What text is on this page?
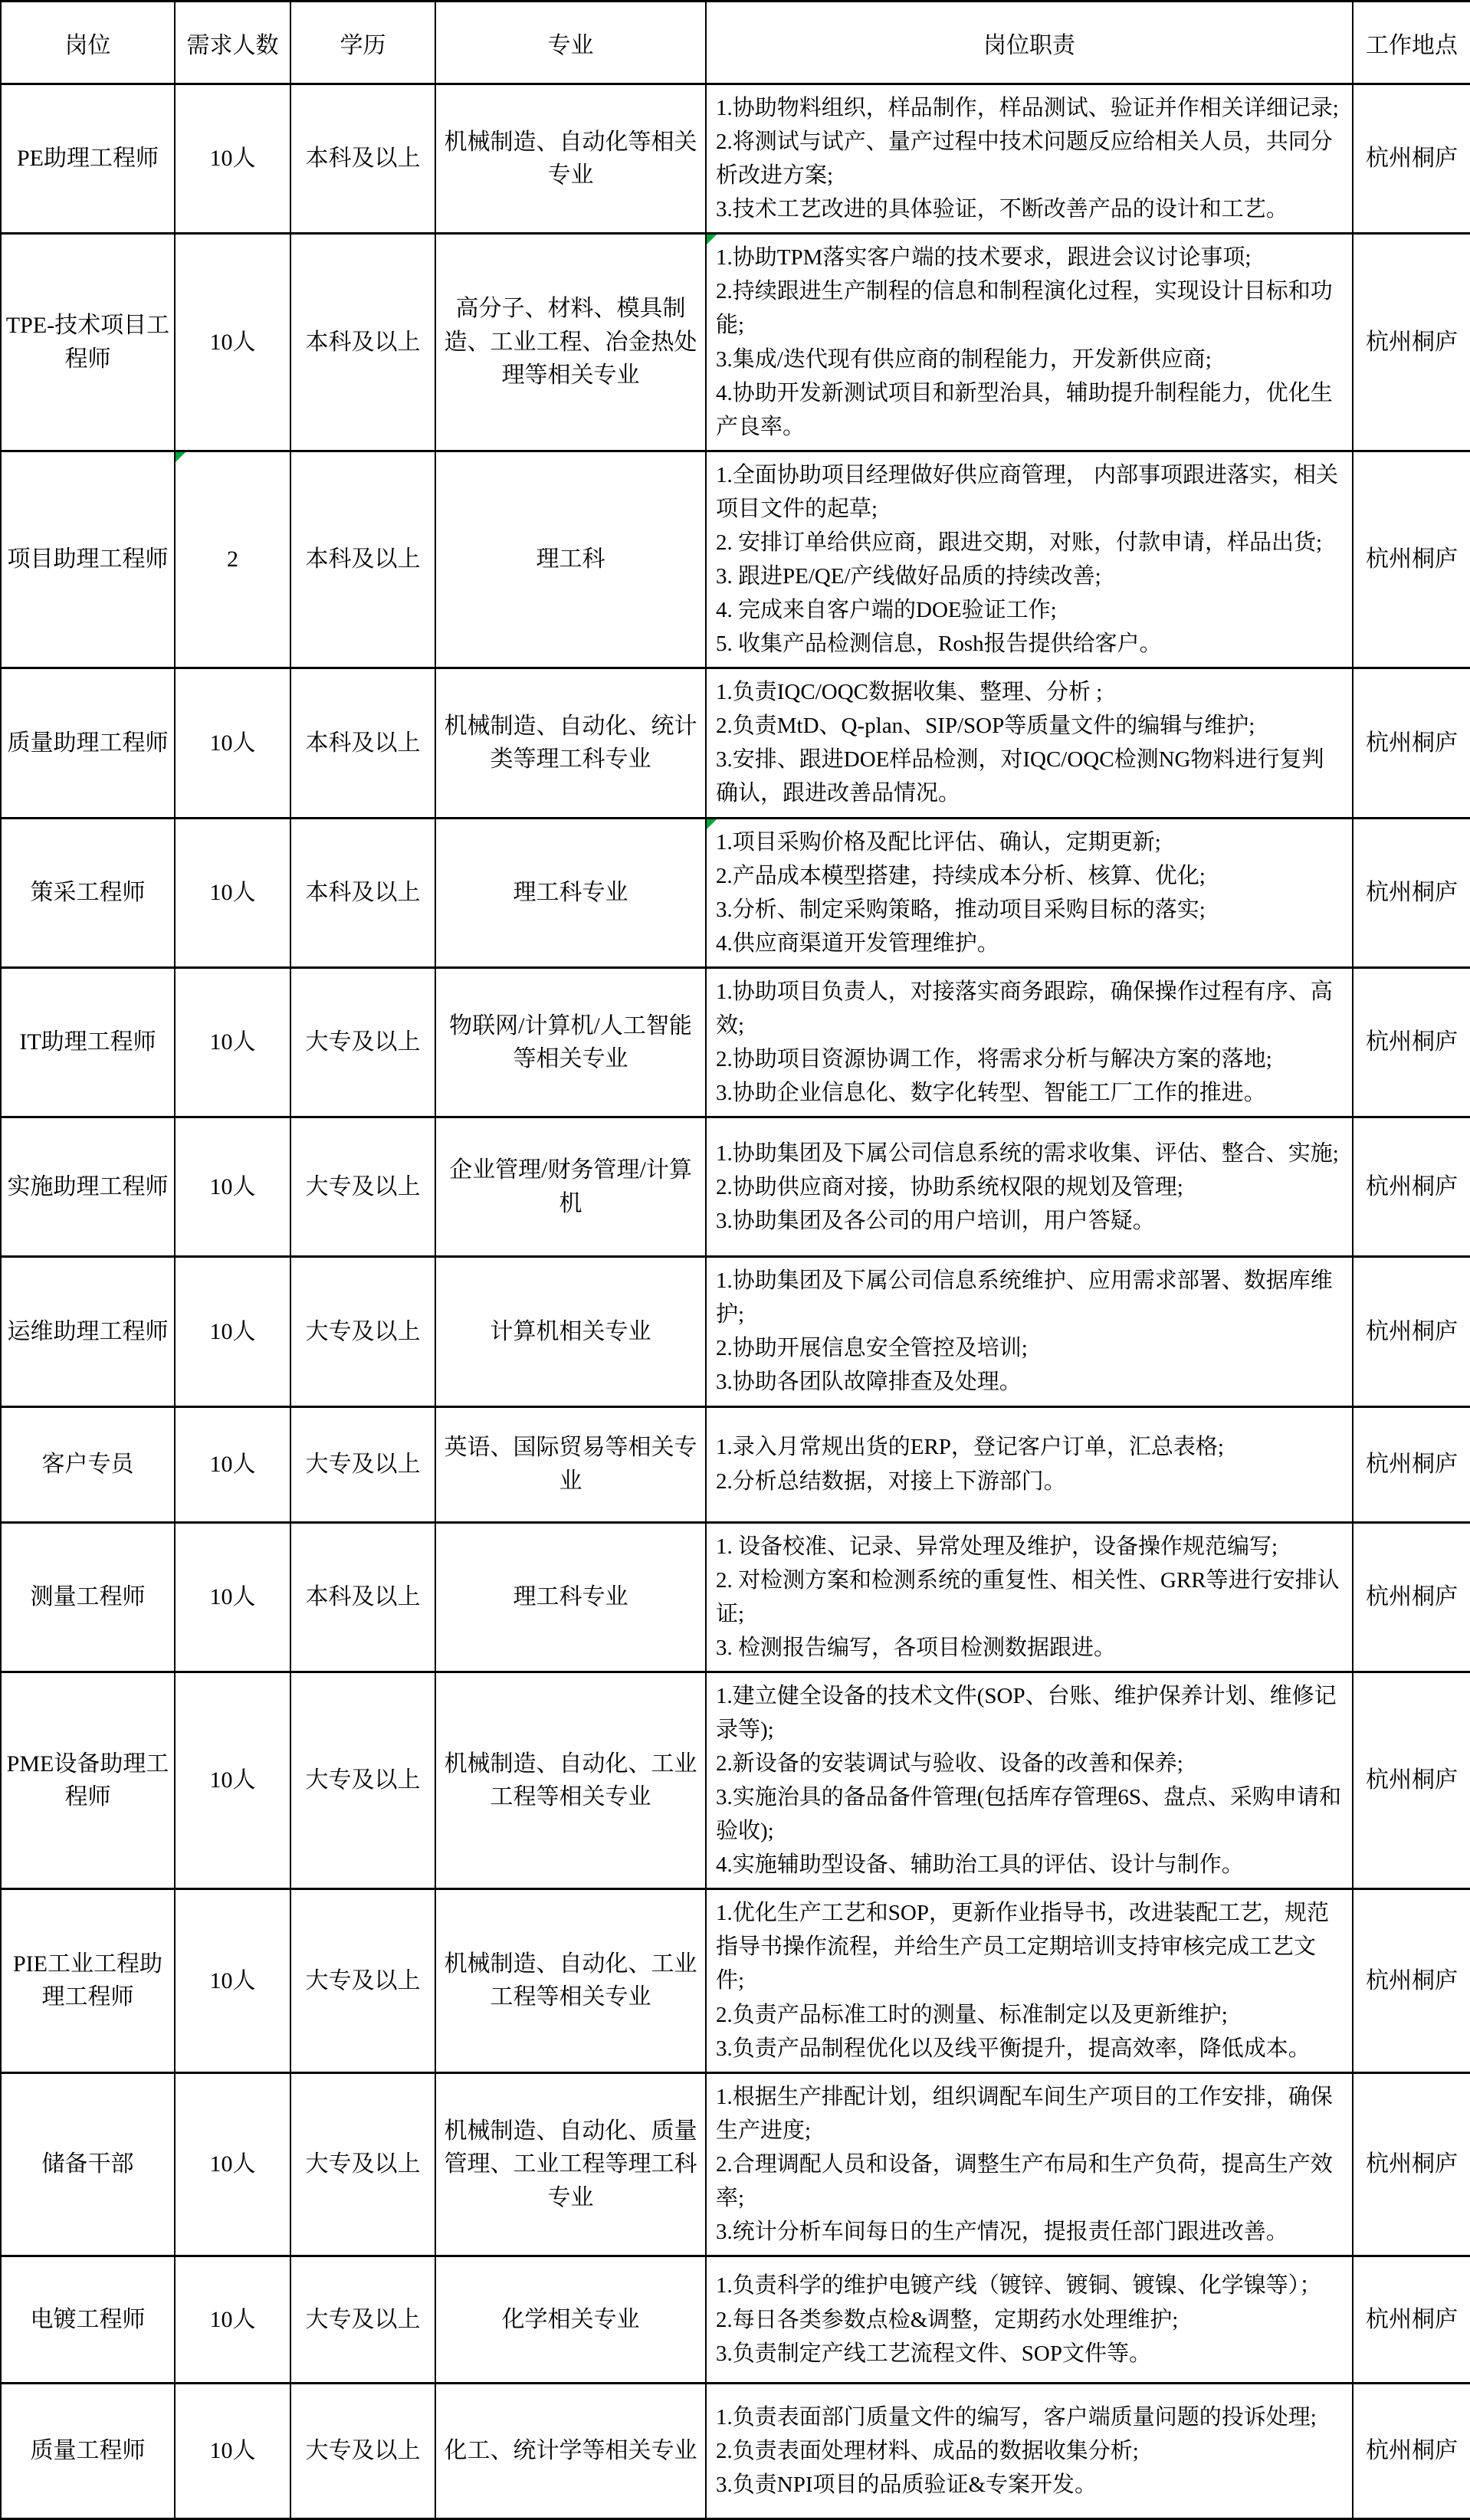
岗位	需求人数	学历	专业	岗位职责	工作地点
PE助理工程师	10人	本科及以上	机械制造、自动化等相关专业	1.协助物料组织，样品制作，样品测试、验证并作相关详细记录;
2.将测试与试产、量产过程中技术问题反应给相关人员，共同分析改进方案;
3.技术工艺改进的具体验证，不断改善产品的设计和工艺。	杭州桐庐
TPE-技术项目工程师	10人	本科及以上	高分子、材料、模具制造、工业工程、冶金热处理等相关专业	1.协助TPM落实客户端的技术要求，跟进会议讨论事项;
2.持续跟进生产制程的信息和制程演化过程，实现设计目标和功能;
3.集成/迭代现有供应商的制程能力，开发新供应商;
4.协助开发新测试项目和新型治具，辅助提升制程能力，优化生产良率。	杭州桐庐
项目助理工程师	2	本科及以上	理工科	1.全面协助项目经理做好供应商管理， 内部事项跟进落实，相关项目文件的起草;
2. 安排订单给供应商，跟进交期，对账，付款申请，样品出货;
3. 跟进PE/QE/产线做好品质的持续改善;
4. 完成来自客户端的DOE验证工作;
5. 收集产品检测信息，Rosh报告提供给客户。	杭州桐庐
质量助理工程师	10人	本科及以上	机械制造、自动化、统计类等理工科专业	1.负责IQC/OQC数据收集、整理、分析 ;
2.负责MtD、Q-plan、SIP/SOP等质量文件的编辑与维护;
3.安排、跟进DOE样品检测，对IQC/OQC检测NG物料进行复判确认，跟进改善品情况。	杭州桐庐
策采工程师	10人	本科及以上	理工科专业	1.项目采购价格及配比评估、确认，定期更新;
2.产品成本模型搭建，持续成本分析、核算、优化;
3.分析、制定采购策略，推动项目采购目标的落实;
4.供应商渠道开发管理维护。	杭州桐庐
IT助理工程师	10人	大专及以上	物联网/计算机/人工智能等相关专业	1.协助项目负责人，对接落实商务跟踪，确保操作过程有序、高效;
2.协助项目资源协调工作，将需求分析与解决方案的落地;
3.协助企业信息化、数字化转型、智能工厂工作的推进。	杭州桐庐
实施助理工程师	10人	大专及以上	企业管理/财务管理/计算机	1.协助集团及下属公司信息系统的需求收集、评估、整合、实施;
2.协助供应商对接，协助系统权限的规划及管理;
3.协助集团及各公司的用户培训，用户答疑。	杭州桐庐
运维助理工程师	10人	大专及以上	计算机相关专业	1.协助集团及下属公司信息系统维护、应用需求部署、数据库维护;
2.协助开展信息安全管控及培训;
3.协助各团队故障排查及处理。	杭州桐庐
客户专员	10人	大专及以上	英语、国际贸易等相关专业	1.录入月常规出货的ERP，登记客户订单，汇总表格;
2.分析总结数据，对接上下游部门。	杭州桐庐
测量工程师	10人	本科及以上	理工科专业	1. 设备校准、记录、异常处理及维护，设备操作规范编写;
2. 对检测方案和检测系统的重复性、相关性、GRR等进行安排认证;
3. 检测报告编写，各项目检测数据跟进。	杭州桐庐
PME设备助理工程师	10人	大专及以上	机械制造、自动化、工业工程等相关专业	1.建立健全设备的技术文件(SOP、台账、维护保养计划、维修记录等);
2.新设备的安装调试与验收、设备的改善和保养;
3.实施治具的备品备件管理(包括库存管理6S、盘点、采购申请和验收);
4.实施辅助型设备、辅助治工具的评估、设计与制作。	杭州桐庐
PIE工业工程助理工程师	10人	大专及以上	机械制造、自动化、工业工程等相关专业	1.优化生产工艺和SOP，更新作业指导书，改进装配工艺，规范指导书操作流程，并给生产员工定期培训支持审核完成工艺文件;
2.负责产品标准工时的测量、标准制定以及更新维护;
3.负责产品制程优化以及线平衡提升，提高效率，降低成本。	杭州桐庐
储备干部	10人	大专及以上	机械制造、自动化、质量管理、工业工程等理工科专业	1.根据生产排配计划，组织调配车间生产项目的工作安排，确保生产进度;
2.合理调配人员和设备，调整生产布局和生产负荷，提高生产效率;
3.统计分析车间每日的生产情况，提报责任部门跟进改善。	杭州桐庐
电镀工程师	10人	大专及以上	化学相关专业	1.负责科学的维护电镀产线（镀锌、镀铜、镀镍、化学镍等）；
2.每日各类参数点检&调整，定期药水处理维护;
3.负责制定产线工艺流程文件、SOP文件等。	杭州桐庐
质量工程师	10人	大专及以上	化工、统计学等相关专业	1.负责表面部门质量文件的编写，客户端质量问题的投诉处理;
2.负责表面处理材料、成品的数据收集分析;
3.负责NPI项目的品质验证&专案开发。	杭州桐庐
